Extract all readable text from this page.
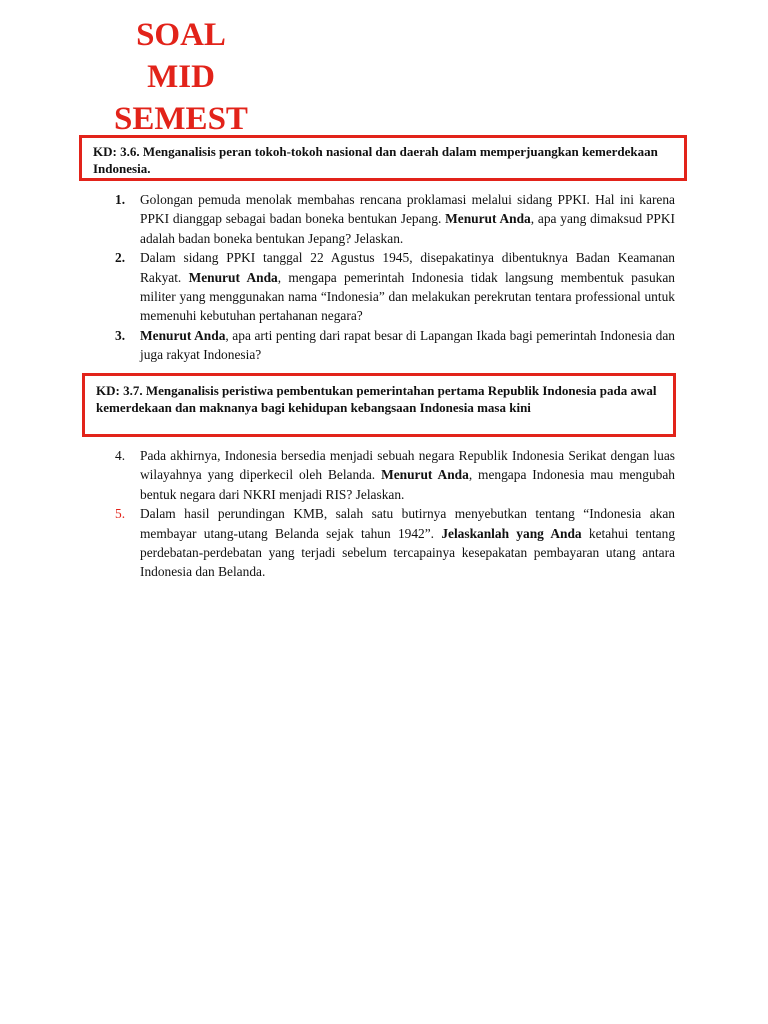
SOAL
MID
SEMEST
KD: 3.6. Menganalisis peran tokoh-tokoh nasional dan daerah dalam memperjuangkan kemerdekaan Indonesia.
1.	Golongan pemuda menolak membahas rencana proklamasi melalui sidang PPKI. Hal ini karena PPKI dianggap sebagai badan boneka bentukan Jepang. Menurut Anda, apa yang dimaksud PPKI adalah badan boneka bentukan Jepang? Jelaskan.
2.	Dalam sidang PPKI tanggal 22 Agustus 1945, disepakatinya dibentuknya Badan Keamanan Rakyat. Menurut Anda, mengapa pemerintah Indonesia tidak langsung membentuk pasukan militer yang menggunakan nama “Indonesia” dan melakukan perekrutan tentara professional untuk memenuhi kebutuhan pertahanan negara?
3.	Menurut Anda, apa arti penting dari rapat besar di Lapangan Ikada bagi pemerintah Indonesia dan juga rakyat Indonesia?
KD: 3.7. Menganalisis peristiwa pembentukan pemerintahan pertama Republik Indonesia pada awal kemerdekaan dan maknanya bagi kehidupan kebangsaan Indonesia masa kini
4.	Pada akhirnya, Indonesia bersedia menjadi sebuah negara Republik Indonesia Serikat dengan luas wilayahnya yang diperkecil oleh Belanda. Menurut Anda, mengapa Indonesia mau mengubah bentuk negara dari NKRI menjadi RIS? Jelaskan.
5.	Dalam hasil perundingan KMB, salah satu butirnya menyebutkan tentang “Indonesia akan membayar utang-utang Belanda sejak tahun 1942”. Jelaskanlah yang Anda ketahui tentang perdebatan-perdebatan yang terjadi sebelum tercapainya kesepakatan pembayaran utang antara Indonesia dan Belanda.
